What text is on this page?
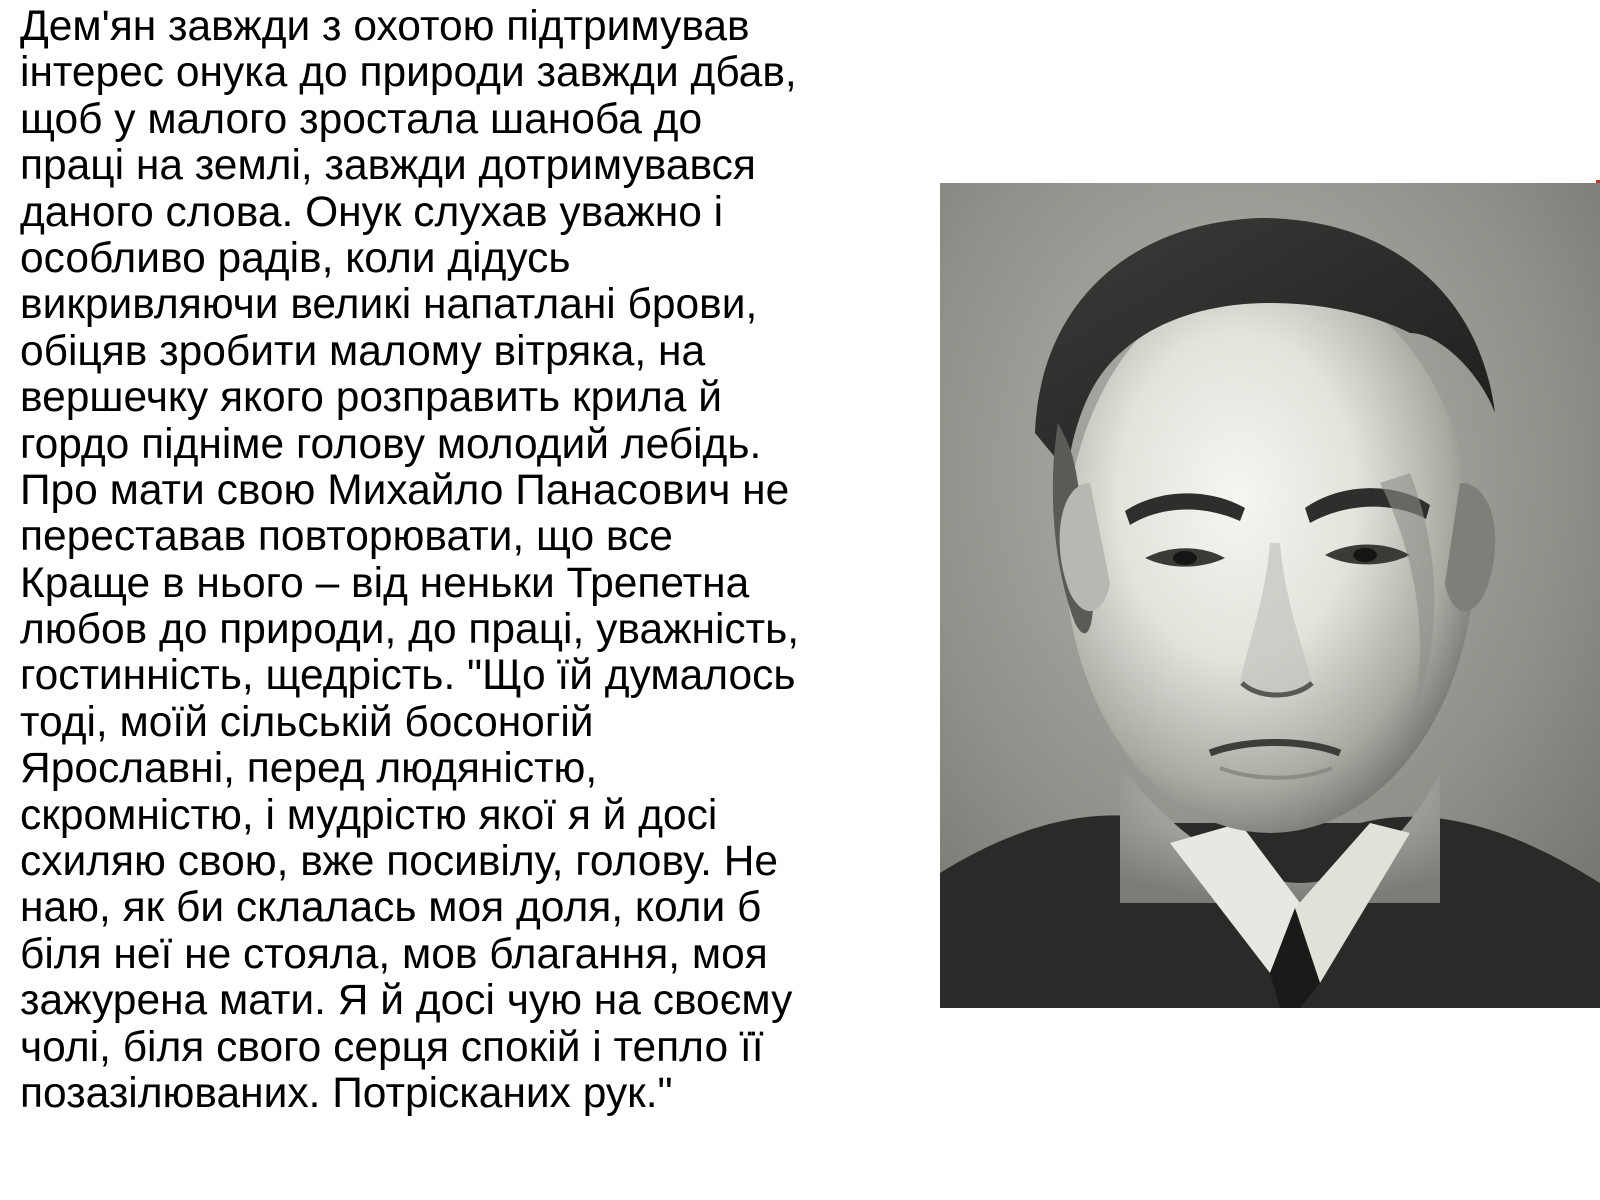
Дем'ян завжди з охотою підтримував
інтерес онука до природи завжди дбав,
щоб у малого зростала шаноба до
праці на землі, завжди дотримувався
даного слова. Онук слухав уважно і
особливо радів, коли дідусь
викривляючи великі напатлані брови,
обіцяв зробити малому вітряка, на
вершечку якого розправить крила й
гордо підніме голову молодий лебідь.
Про мати свою Михайло Панасович не
переставав повторювати, що все
Краще в нього – від неньки Трепетна
любов до природи, до праці, уважність,
гостинність, щедрість. "Що їй думалось
тоді, моїй сільській босоногій
Ярославні, перед людяністю,
скромністю, і мудрістю якої я й досі
схиляю свою, вже посивілу, голову. Не
наю, як би склалась моя доля, коли б
біля неї не стояла, мов благання, моя
зажурена мати. Я й досі чую на своєму
чолі, біля свого серця спокій і тепло її
позазілюваних. Потрісканих рук."
